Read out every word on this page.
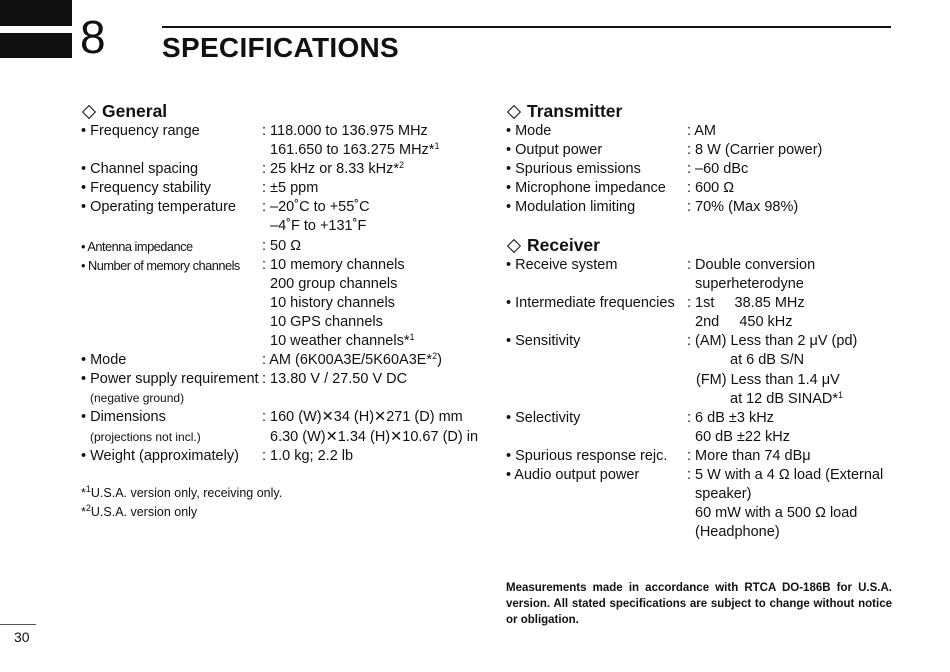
8 SPECIFICATIONS
General
• Frequency range	: 118.000 to 136.975 MHz
161.650 to 163.275 MHz*$^1$
• Channel spacing	: 25 kHz or 8.33 kHz*$^2$
• Frequency stability	: ±5 ppm
• Operating temperature	: –20˚C to +55˚C
–4˚F to +131˚F
• Antenna impedance	: 50 Ω
• Number of memory channels	: 10 memory channels
200 group channels
10 history channels
10 GPS channels
10 weather channels*$^1$
• Mode	: AM (6K00A3E/5K60A3E*$^2$)
• Power supply requirement : 13.80 V / 27.50 V DC
(negative ground)
• Dimensions	: 160 (W)✕34 (H)✕271 (D) mm
(projections not incl.)	6.30 (W)✕1.34 (H)✕10.67 (D) in
• Weight (approximately)	: 1.0 kg; 2.2 lb
*$^1$U.S.A. version only, receiving only.
*$^2$U.S.A. version only
Transmitter
• Mode	: AM
• Output power	: 8 W (Carrier power)
• Spurious emissions	: –60 dBc
• Microphone impedance	: 600 Ω
• Modulation limiting	: 70% (Max 98%)
Receiver
• Receive system	: Double conversion
superheterodyne
• Intermediate frequencies : 1st     38.85 MHz
2nd     450 kHz
• Sensitivity	: (AM) Less than 2 μV (pd)
at 6 dB S/N
(FM) Less than 1.4 μV
at 12 dB SINAD*$^1$
• Selectivity	: 6 dB ±3 kHz
60 dB ±22 kHz
• Spurious response rejc.	: More than 74 dBμ
• Audio output power	: 5 W with a 4 Ω load (External
speaker)
60 mW with a 500 Ω load
(Headphone)
Measurements made in accordance with RTCA DO-186B for U.S.A. version. All stated specifications are subject to change without notice or obligation.
30
